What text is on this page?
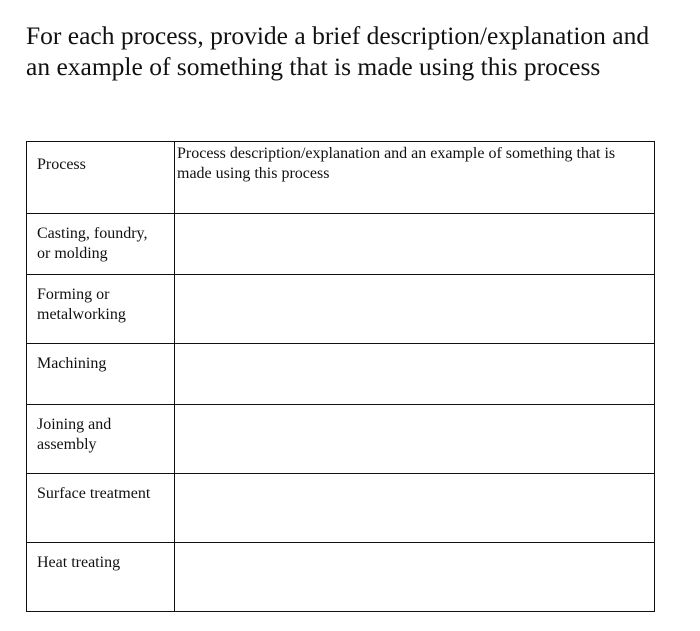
For each process, provide a brief description/explanation and an example of something that is made using this process
Process	Process description/explanation and an example of something that is made using this process
Casting, foundry, or molding	
Forming or metalworking	
Machining	
Joining and assembly	
Surface treatment	
Heat treating	
